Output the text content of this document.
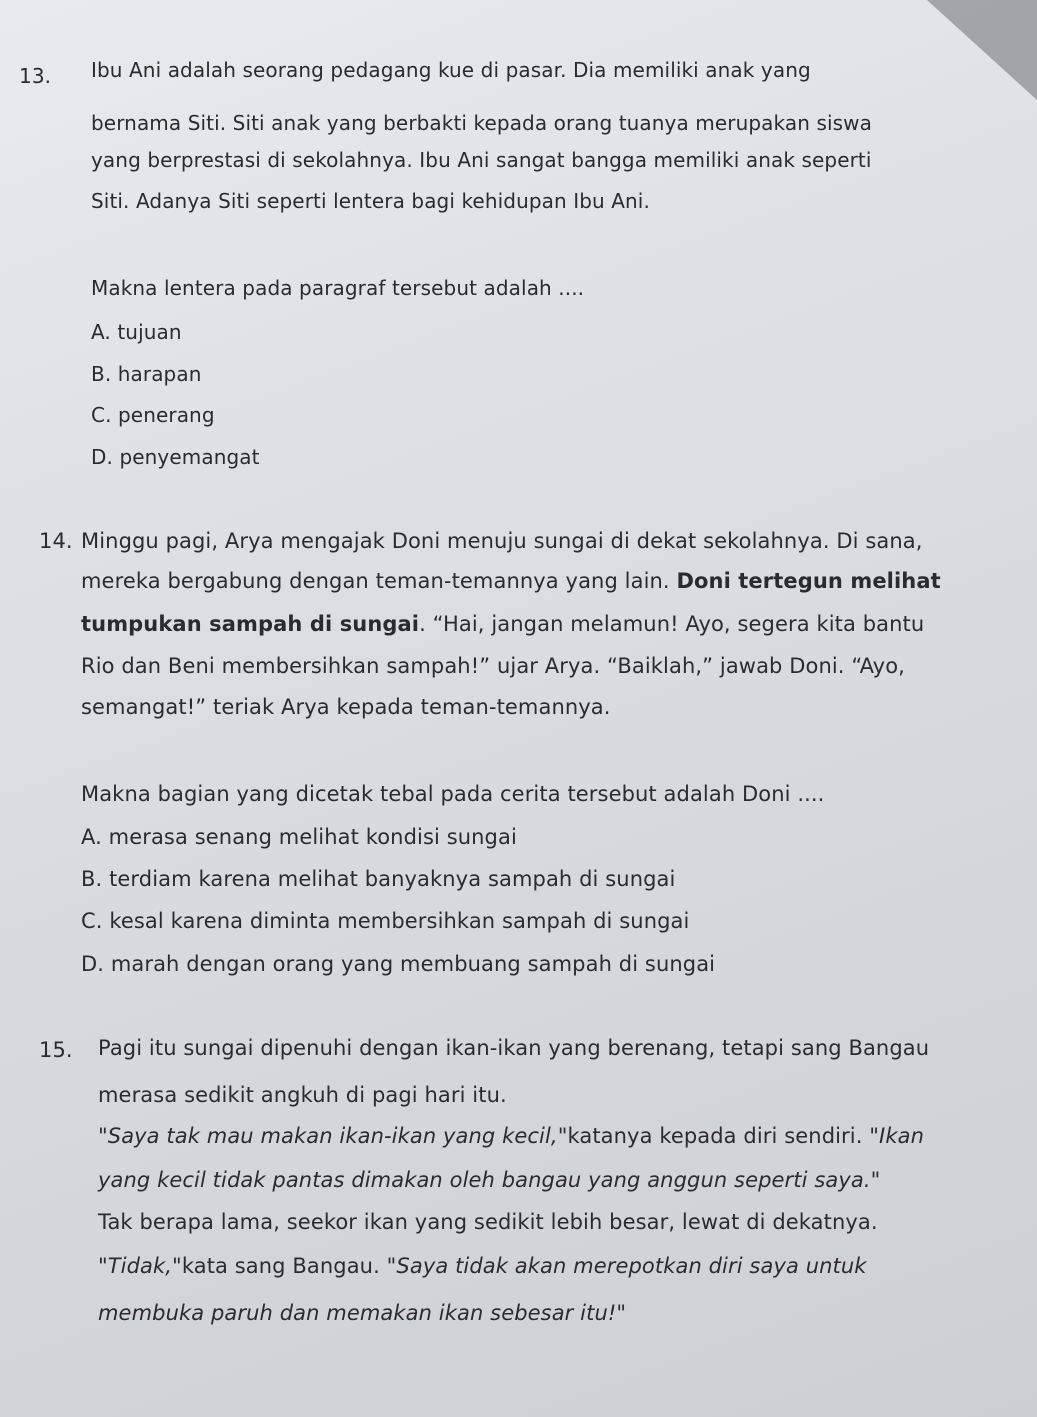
13. Ibu Ani adalah seorang pedagang kue di pasar. Dia memiliki anak yang
bernama Siti. Siti anak yang berbakti kepada orang tuanya merupakan siswa
yang berprestasi di sekolahnya. Ibu Ani sangat bangga memiliki anak seperti
Siti. Adanya Siti seperti lentera bagi kehidupan Ibu Ani.
Makna lentera pada paragraf tersebut adalah ....
A. tujuan
B. harapan
C. penerang
D. penyemangat
14. Minggu pagi, Arya mengajak Doni menuju sungai di dekat sekolahnya. Di sana,
mereka bergabung dengan teman-temannya yang lain. Doni tertegun melihat
tumpukan sampah di sungai. “Hai, jangan melamun! Ayo, segera kita bantu
Rio dan Beni membersihkan sampah!” ujar Arya. “Baiklah,” jawab Doni. “Ayo,
semangat!” teriak Arya kepada teman-temannya.
Makna bagian yang dicetak tebal pada cerita tersebut adalah Doni ....
A. merasa senang melihat kondisi sungai
B. terdiam karena melihat banyaknya sampah di sungai
C. kesal karena diminta membersihkan sampah di sungai
D. marah dengan orang yang membuang sampah di sungai
15. Pagi itu sungai dipenuhi dengan ikan-ikan yang berenang, tetapi sang Bangau
merasa sedikit angkuh di pagi hari itu.
"Saya tak mau makan ikan-ikan yang kecil,"katanya kepada diri sendiri. "Ikan
yang kecil tidak pantas dimakan oleh bangau yang anggun seperti saya."
Tak berapa lama, seekor ikan yang sedikit lebih besar, lewat di dekatnya.
"Tidak,"kata sang Bangau. "Saya tidak akan merepotkan diri saya untuk
membuka paruh dan memakan ikan sebesar itu!"
